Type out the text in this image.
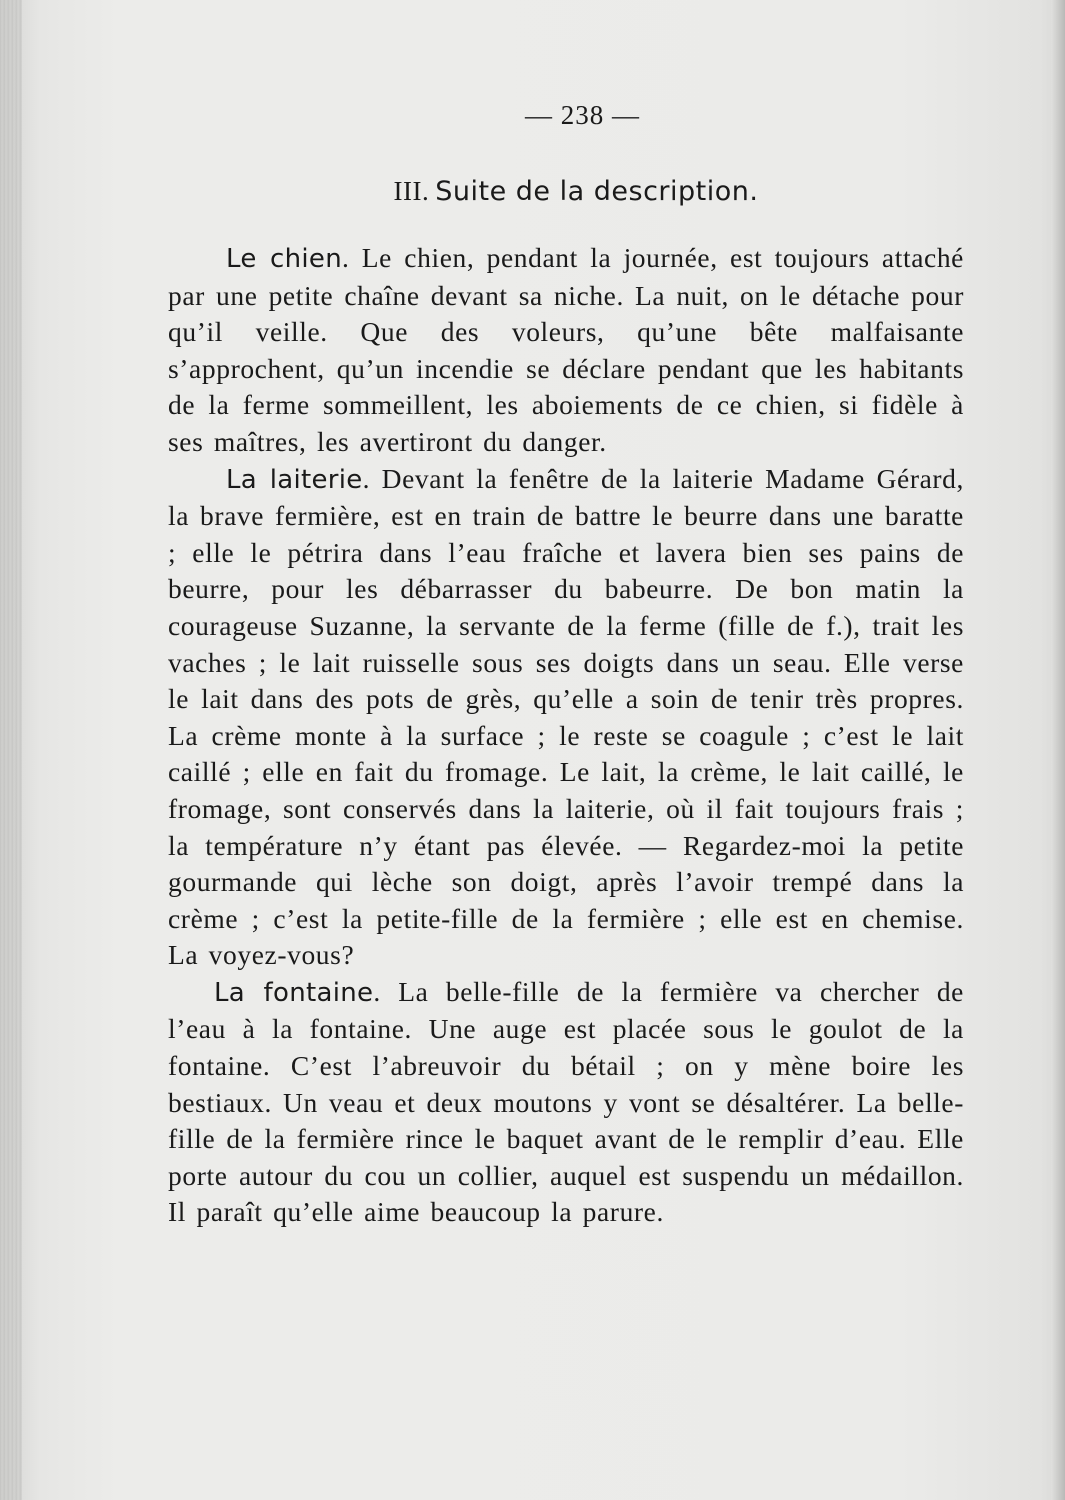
— 238 —
III. Suite de la description.

Le chien. Le chien, pendant la journée, est toujours attaché par une petite chaîne devant sa niche. La nuit, on le détache pour qu’il veille. Que des voleurs, qu’une bête malfaisante s’approchent, qu’un incendie se déclare pendant que les habitants de la ferme sommeillent, les aboiements de ce chien, si fidèle à ses maîtres, les avertiront du danger.

La laiterie. Devant la fenêtre de la laiterie Madame Gérard, la brave fermière, est en train de battre le beurre dans une baratte ; elle le pétrira dans l’eau fraîche et lavera bien ses pains de beurre, pour les débarrasser du babeurre. De bon matin la courageuse Suzanne, la servante de la ferme (fille de f.), trait les vaches ; le lait ruisselle sous ses doigts dans un seau. Elle verse le lait dans des pots de grès, qu’elle a soin de tenir très propres. La crème monte à la surface ; le reste se coagule ; c’est le lait caillé ; elle en fait du fromage. Le lait, la crème, le lait caillé, le fromage, sont conservés dans la laiterie, où il fait toujours frais ; la température n’y étant pas élevée. — Regardez-moi la petite gourmande qui lèche son doigt, après l’avoir trempé dans la crème ; c’est la petite-fille de la fermière ; elle est en chemise. La voyez-vous?

La fontaine. La belle-fille de la fermière va chercher de l’eau à la fontaine. Une auge est placée sous le goulot de la fontaine. C’est l’abreuvoir du bétail ; on y mène boire les bestiaux. Un veau et deux moutons y vont se désaltérer. La belle-fille de la fermière rince le baquet avant de le remplir d’eau. Elle porte autour du cou un collier, auquel est suspendu un médaillon. Il paraît qu’elle aime beaucoup la parure.
